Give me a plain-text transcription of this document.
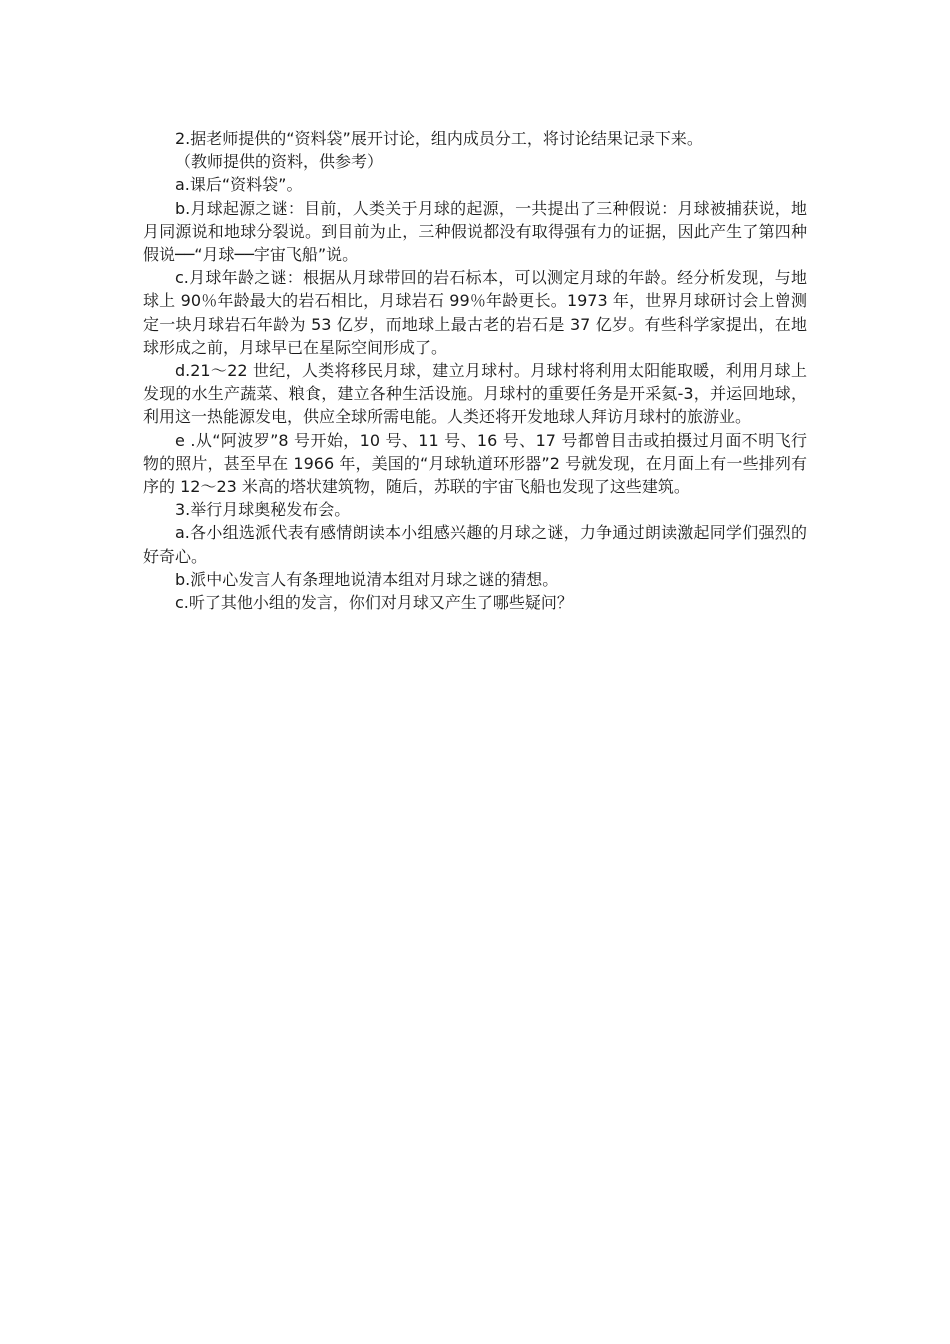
2.据老师提供的“资料袋”展开讨论，组内成员分工，将讨论结果记录下来。

（教师提供的资料，供参考）

a.课后“资料袋”。

b.月球起源之谜：目前，人类关于月球的起源，一共提出了三种假说：月球被捕获说，地月同源说和地球分裂说。到目前为止，三种假说都没有取得强有力的证据，因此产生了第四种假说──“月球──宇宙飞船”说。

c.月球年龄之谜：根据从月球带回的岩石标本，可以测定月球的年龄。经分析发现，与地球上 90％年龄最大的岩石相比，月球岩石 99％年龄更长。1973 年，世界月球研讨会上曾测定一块月球岩石年龄为 53 亿岁，而地球上最古老的岩石是 37 亿岁。有些科学家提出，在地球形成之前，月球早已在星际空间形成了。

d.21～22 世纪，人类将移民月球，建立月球村。月球村将利用太阳能取暖，利用月球上发现的水生产蔬菜、粮食，建立各种生活设施。月球村的重要任务是开采氦-3，并运回地球，利用这一热能源发电，供应全球所需电能。人类还将开发地球人拜访月球村的旅游业。

e .从“阿波罗”8 号开始，10 号、11 号、16 号、17 号都曾目击或拍摄过月面不明飞行物的照片，甚至早在 1966 年，美国的“月球轨道环形器”2 号就发现，在月面上有一些排列有序的 12～23 米高的塔状建筑物，随后，苏联的宇宙飞船也发现了这些建筑。

3.举行月球奥秘发布会。

a.各小组选派代表有感情朗读本小组感兴趣的月球之谜，力争通过朗读激起同学们强烈的好奇心。

b.派中心发言人有条理地说清本组对月球之谜的猜想。

c.听了其他小组的发言，你们对月球又产生了哪些疑问？
